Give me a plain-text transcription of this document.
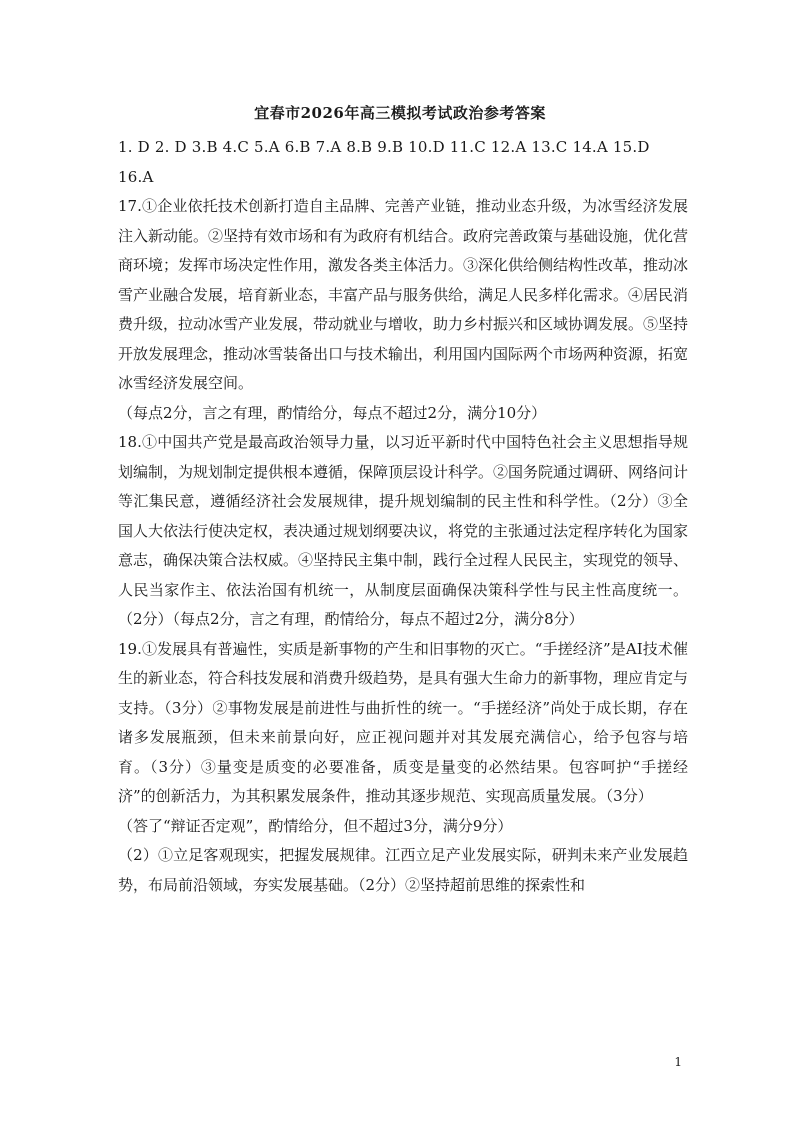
宜春市2026年高三模拟考试政治参考答案

1. D 2. D 3.B 4.C 5.A 6.B 7.A 8.B 9.B 10.D 11.C 12.A 13.C 14.A 15.D

16.A

17.①企业依托技术创新打造自主品牌、完善产业链，推动业态升级，为冰雪经济发展注入新动能。②坚持有效市场和有为政府有机结合。政府完善政策与基础设施，优化营商环境；发挥市场决定性作用，激发各类主体活力。③深化供给侧结构性改革，推动冰雪产业融合发展，培育新业态，丰富产品与服务供给，满足人民多样化需求。④居民消费升级，拉动冰雪产业发展，带动就业与增收，助力乡村振兴和区域协调发展。⑤坚持开放发展理念，推动冰雪装备出口与技术输出，利用国内国际两个市场两种资源，拓宽冰雪经济发展空间。

（每点2分，言之有理，酌情给分，每点不超过2分，满分10分）

18.①中国共产党是最高政治领导力量，以习近平新时代中国特色社会主义思想指导规划编制，为规划制定提供根本遵循，保障顶层设计科学。②国务院通过调研、网络问计等汇集民意，遵循经济社会发展规律，提升规划编制的民主性和科学性。（2分）③全国人大依法行使决定权，表决通过规划纲要决议，将党的主张通过法定程序转化为国家意志，确保决策合法权威。④坚持民主集中制，践行全过程人民民主，实现党的领导、人民当家作主、依法治国有机统一，从制度层面确保决策科学性与民主性高度统一。（2分）（每点2分，言之有理，酌情给分，每点不超过2分，满分8分）

19.①发展具有普遍性，实质是新事物的产生和旧事物的灭亡。“手搓经济”是AI技术催生的新业态，符合科技发展和消费升级趋势，是具有强大生命力的新事物，理应肯定与支持。（3分）②事物发展是前进性与曲折性的统一。“手搓经济”尚处于成长期，存在诸多发展瓶颈，但未来前景向好，应正视问题并对其发展充满信心，给予包容与培育。（3分）③量变是质变的必要准备，质变是量变的必然结果。包容呵护“手搓经济”的创新活力，为其积累发展条件，推动其逐步规范、实现高质量发展。（3分）

（答了“辩证否定观”，酌情给分，但不超过3分，满分9分）

（2）①立足客观现实，把握发展规律。江西立足产业发展实际，研判未来产业发展趋势，布局前沿领域，夯实发展基础。（2分）②坚持超前思维的探索性和

1
